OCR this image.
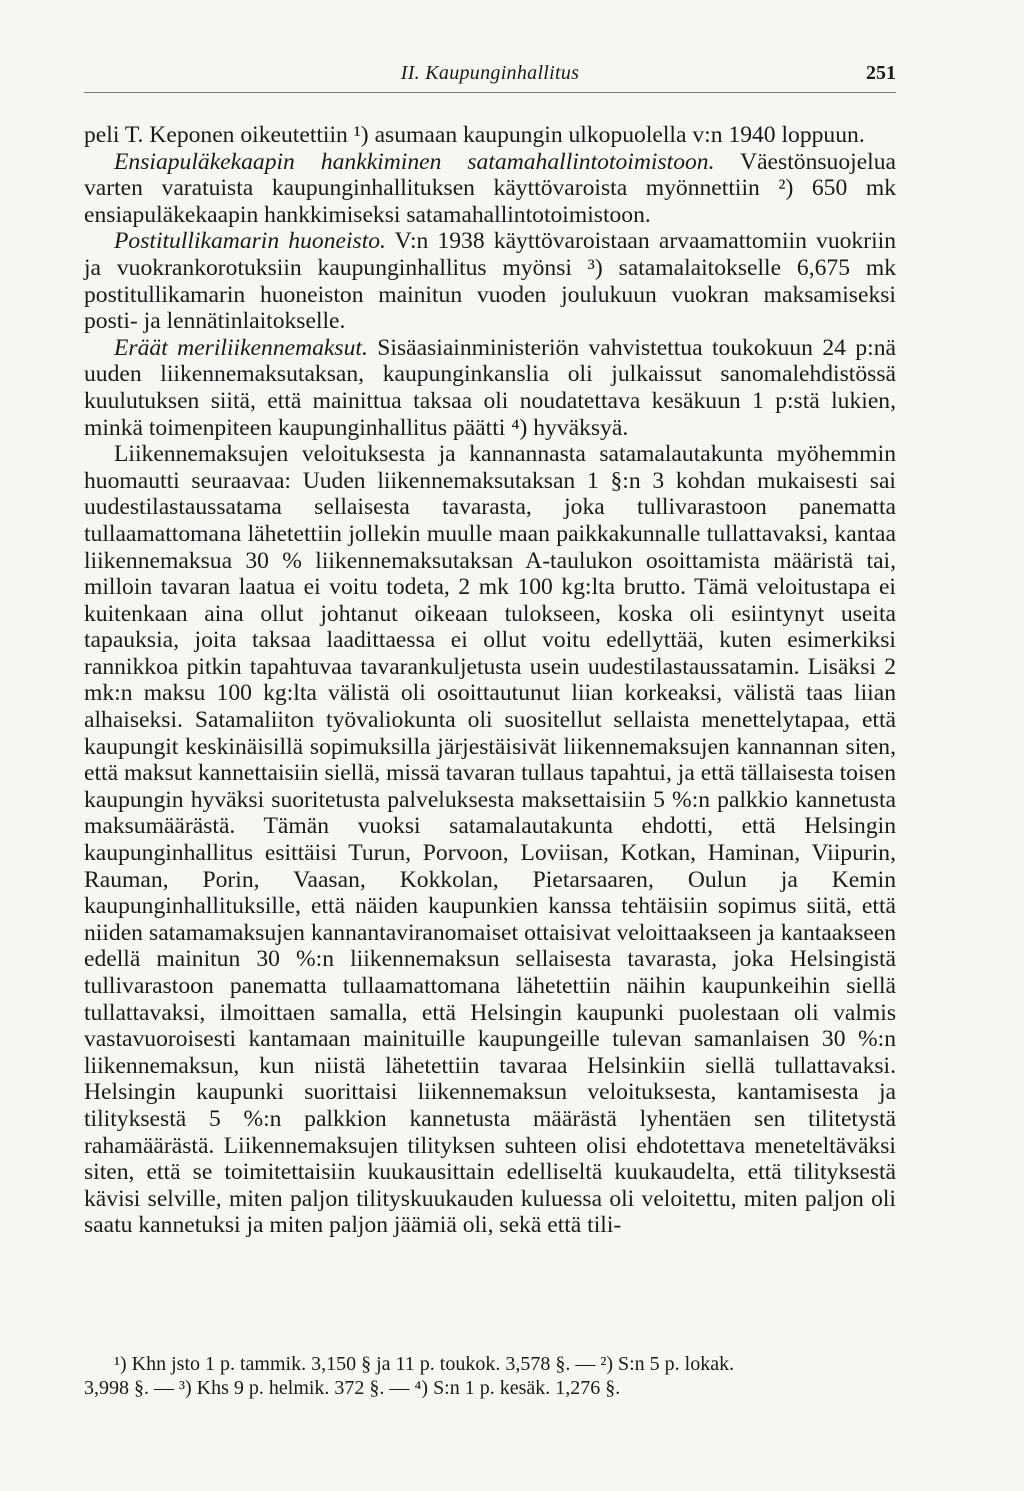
II. Kaupunginhallitus	251

peli T. Keponen oikeutettiin ¹) asumaan kaupungin ulkopuolella v:n 1940 loppuun.

Ensiapuläkekaapin hankkiminen satamahallintotoimistoon. Väestönsuojelua varten varatuista kaupunginhallituksen käyttövaroista myönnettiin ²) 650 mk ensiapuläkekaapin hankkimiseksi satamahallintotoimistoon.

Postitullikamarin huoneisto. V:n 1938 käyttövaroistaan arvaamattomiin vuokriin ja vuokrankorotuksiin kaupunginhallitus myönsi ³) satamalaitokselle 6,675 mk postitullikamarin huoneiston mainitun vuoden joulukuun vuokran maksamiseksi posti- ja lennätinlaitokselle.

Eräät meriliikennemaksut. Sisäasiainministeriön vahvistettua toukokuun 24 p:nä uuden liikennemaksutaksan, kaupunginkanslia oli julkaissut sanomalehdistössä kuulutuksen siitä, että mainittua taksaa oli noudatettava kesäkuun 1 p:stä lukien, minkä toimenpiteen kaupunginhallitus päätti ⁴) hyväksyä.

Liikennemaksujen veloituksesta ja kannannasta satamalautakunta myöhemmin huomautti seuraavaa: Uuden liikennemaksutaksan 1 §:n 3 kohdan mukaisesti sai uudestilastaussatama sellaisesta tavarasta, joka tullivarastoon panematta tullaamattomana lähetettiin jollekin muulle maan paikkakunnalle tullattavaksi, kantaa liikennemaksua 30 % liikennemaksutaksan A-taulukon osoittamista määristä tai, milloin tavaran laatua ei voitu todeta, 2 mk 100 kg:lta brutto. Tämä veloitustapa ei kuitenkaan aina ollut johtanut oikeaan tulokseen, koska oli esiintynyt useita tapauksia, joita taksaa laadittaessa ei ollut voitu edellyttää, kuten esimerkiksi rannikkoa pitkin tapahtuvaa tavarankuljetusta usein uudestilastaussatamin. Lisäksi 2 mk:n maksu 100 kg:lta välistä oli osoittautunut liian korkeaksi, välistä taas liian alhaiseksi. Satamaliiton työvaliokunta oli suositellut sellaista menettelytapaa, että kaupungit keskinäisillä sopimuksilla järjestäisivät liikennemaksujen kannannan siten, että maksut kannettaisiin siellä, missä tavaran tullaus tapahtui, ja että tällaisesta toisen kaupungin hyväksi suoritetusta palveluksesta maksettaisiin 5 %:n palkkio kannetusta maksumäärästä. Tämän vuoksi satamalautakunta ehdotti, että Helsingin kaupunginhallitus esittäisi Turun, Porvoon, Loviisan, Kotkan, Haminan, Viipurin, Rauman, Porin, Vaasan, Kokkolan, Pietarsaaren, Oulun ja Kemin kaupunginhallituksille, että näiden kaupunkien kanssa tehtäisiin sopimus siitä, että niiden satamamaksujen kannantaviranomaiset ottaisivat veloittaakseen ja kantaakseen edellä mainitun 30 %:n liikennemaksun sellaisesta tavarasta, joka Helsingistä tullivarastoon panematta tullaamattomana lähetettiin näihin kaupunkeihin siellä tullattavaksi, ilmoittaen samalla, että Helsingin kaupunki puolestaan oli valmis vastavuoroisesti kantamaan mainituille kaupungeille tulevan samanlaisen 30 %:n liikennemaksun, kun niistä lähetettiin tavaraa Helsinkiin siellä tullattavaksi. Helsingin kaupunki suorittaisi liikennemaksun veloituksesta, kantamisesta ja tilityksestä 5 %:n palkkion kannetusta määrästä lyhentäen sen tilitetystä rahamäärästä. Liikennemaksujen tilityksen suhteen olisi ehdotettava meneteltäväksi siten, että se toimitettaisiin kuukausittain edelliseltä kuukaudelta, että tilityksestä kävisi selville, miten paljon tilityskuukauden kuluessa oli veloitettu, miten paljon oli saatu kannetuksi ja miten paljon jäämiä oli, sekä että tili-

¹) Khn jsto 1 p. tammik. 3,150 § ja 11 p. toukok. 3,578 §. — ²) S:n 5 p. lokak.

3,998 §. — ³) Khs 9 p. helmik. 372 §. — ⁴) S:n 1 p. kesäk. 1,276 §.
